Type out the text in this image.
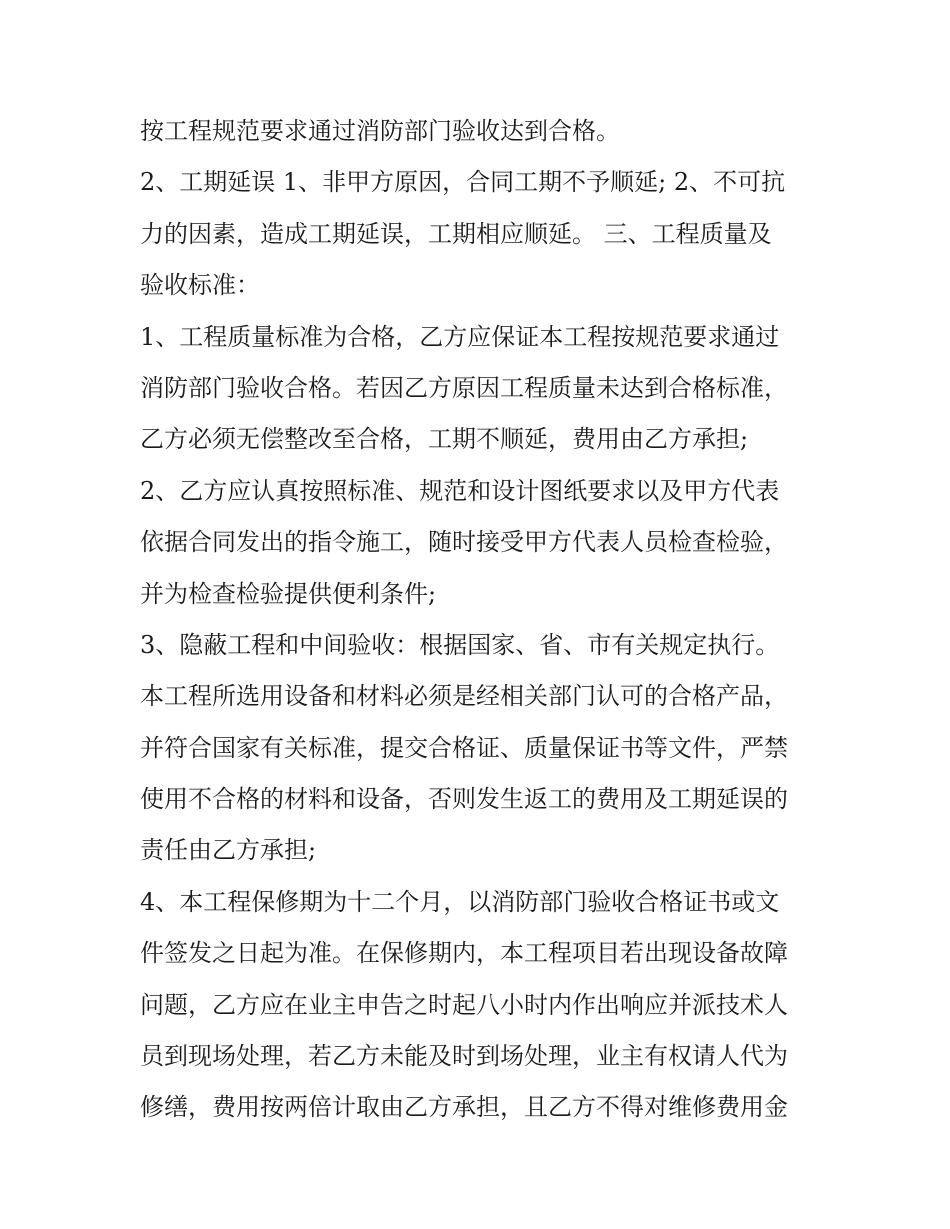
按工程规范要求通过消防部门验收达到合格。
2、工期延误 1、非甲方原因，合同工期不予顺延; 2、不可抗
力的因素，造成工期延误，工期相应顺延。 三、工程质量及
验收标准：
1、工程质量标准为合格，乙方应保证本工程按规范要求通过
消防部门验收合格。若因乙方原因工程质量未达到合格标准，
乙方必须无偿整改至合格，工期不顺延，费用由乙方承担;
2、乙方应认真按照标准、规范和设计图纸要求以及甲方代表
依据合同发出的指令施工，随时接受甲方代表人员检查检验，
并为检查检验提供便利条件;
3、隐蔽工程和中间验收：根据国家、省、市有关规定执行。
本工程所选用设备和材料必须是经相关部门认可的合格产品，
并符合国家有关标准，提交合格证、质量保证书等文件，严禁
使用不合格的材料和设备，否则发生返工的费用及工期延误的
责任由乙方承担;
4、本工程保修期为十二个月，以消防部门验收合格证书或文
件签发之日起为准。在保修期内，本工程项目若出现设备故障
问题，乙方应在业主申告之时起八小时内作出响应并派技术人
员到现场处理，若乙方未能及时到场处理，业主有权请人代为
修缮，费用按两倍计取由乙方承担，且乙方不得对维修费用金
